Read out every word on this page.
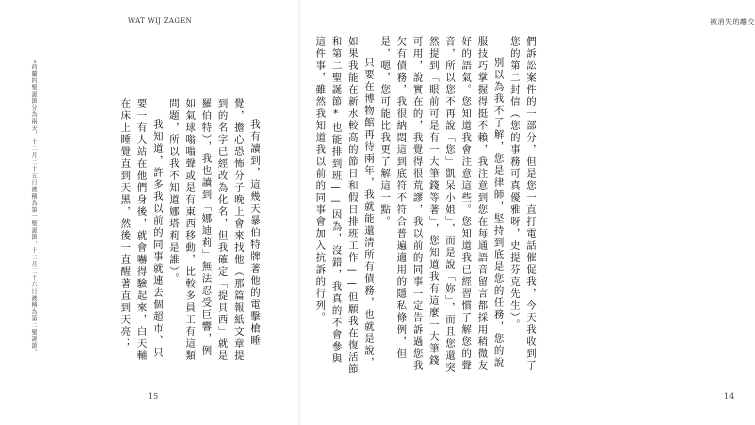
WAT WIJ ZAGEN
*荷蘭的聖誕節分為兩天，十二月二十五日被稱為第一聖誕節，十二月二十六日被稱為第二聖誕節。
15
被消失的離交
14

們訴訟案件的一部分，但是您一直打電話催促我，今天我收到了您的第二封信（您的事務可真優雅呀，史提芬克先生）。

別以為我不了解，您是律師，堅持到底是您的任務，您的說服技巧掌握得挺不賴，我注意到您在每通語音留言都採用稍微友好的語氣。您知道我會注意這些。您知道我已經習慣了解您的聲音，所以您不再說「您」凱呆小姐」，而是說「妳」，而且您還突然提到「眼前可是有一大筆錢等著」，您知道我有這麼一大筆錢可用，說實在的，我覺得很荒謬，我以前的同事一定告訴過您我欠有債務，我很納悶這到底符不符合普遍適用的隱私條例，但是，嗯，您可能比我更了解這一點。

只要在博物館再待兩年，我就能還清所有債務，也就是說，如果我能在新水較高的節日和假日排班工作——但願我在復活節和第二聖誕節*也能排到班——因為，沒錯，我真的不會參與這件事，雖然我知道我以前的同事會加入抗訴的行列。

我有讀到，這幾天暴伯特牌著他的電擊槍睡覺，擔心恐怖分子晚上會來找他（那篇報紙文章提到的名字已經改為化名，但我確定「提貝西」就是羅伯特），我也讀到「娜迪莉」無法忍受巨響，例如氣球嗡嗡聲或是有東西移動，比較多員工有這類問題，所以我不知道娜塔莉是誰）。

我知道，許多我以前的同事就連去個超市、只要一有人站在他們身後，就會嚇得驗起來，白天輔在床上睡覺直到天黑，然後一直醒著直到天亮；
